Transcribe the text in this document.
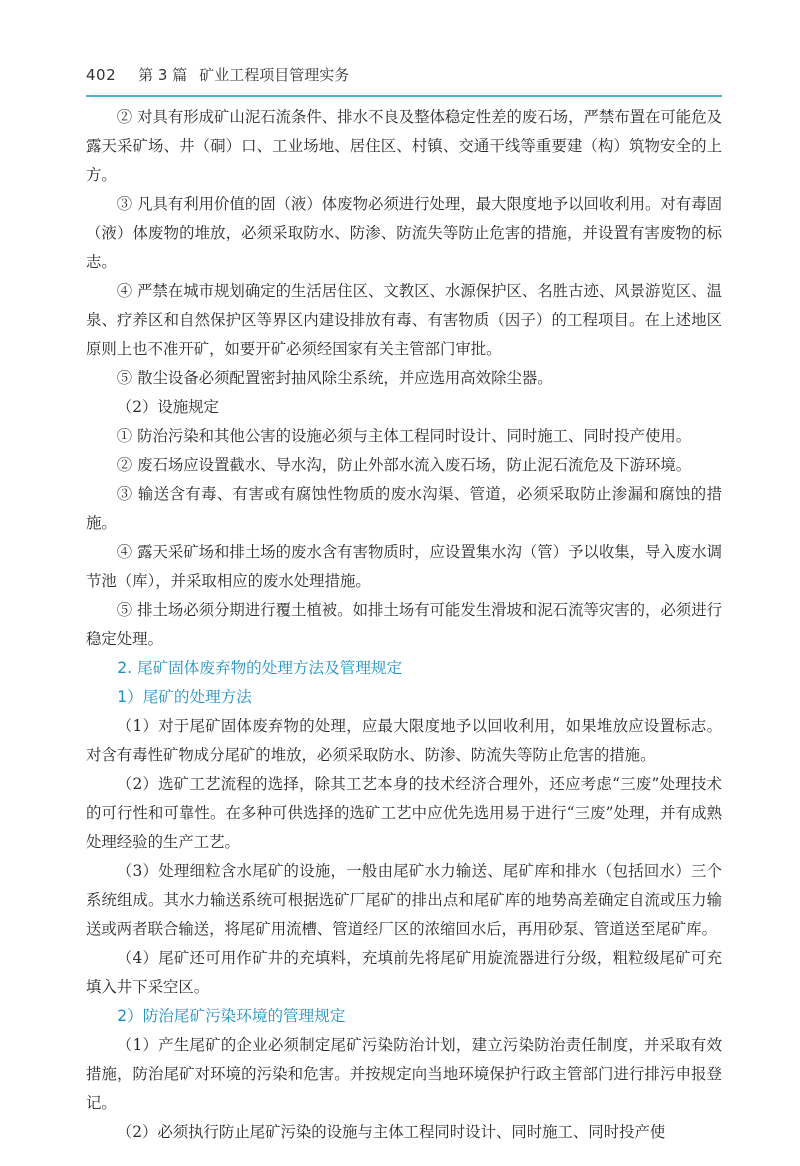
402 第 3 篇 矿业工程项目管理实务

② 对具有形成矿山泥石流条件、排水不良及整体稳定性差的废石场，严禁布置在可能危及露天采矿场、井（硐）口、工业场地、居住区、村镇、交通干线等重要建（构）筑物安全的上方。

③ 凡具有利用价值的固（液）体废物必须进行处理，最大限度地予以回收利用。对有毒固（液）体废物的堆放，必须采取防水、防渗、防流失等防止危害的措施，并设置有害废物的标志。

④ 严禁在城市规划确定的生活居住区、文教区、水源保护区、名胜古迹、风景游览区、温泉、疗养区和自然保护区等界区内建设排放有毒、有害物质（因子）的工程项目。在上述地区原则上也不准开矿，如要开矿必须经国家有关主管部门审批。

⑤ 散尘设备必须配置密封抽风除尘系统，并应选用高效除尘器。

（2）设施规定

① 防治污染和其他公害的设施必须与主体工程同时设计、同时施工、同时投产使用。

② 废石场应设置截水、导水沟，防止外部水流入废石场，防止泥石流危及下游环境。

③ 输送含有毒、有害或有腐蚀性物质的废水沟渠、管道，必须采取防止渗漏和腐蚀的措施。

④ 露天采矿场和排土场的废水含有害物质时，应设置集水沟（管）予以收集，导入废水调节池（库），并采取相应的废水处理措施。

⑤ 排土场必须分期进行覆土植被。如排土场有可能发生滑坡和泥石流等灾害的，必须进行稳定处理。

2. 尾矿固体废弃物的处理方法及管理规定
1）尾矿的处理方法

（1）对于尾矿固体废弃物的处理，应最大限度地予以回收利用，如果堆放应设置标志。对含有毒性矿物成分尾矿的堆放，必须采取防水、防渗、防流失等防止危害的措施。

（2）选矿工艺流程的选择，除其工艺本身的技术经济合理外，还应考虑“三废”处理技术的可行性和可靠性。在多种可供选择的选矿工艺中应优先选用易于进行“三废”处理，并有成熟处理经验的生产工艺。

（3）处理细粒含水尾矿的设施，一般由尾矿水力输送、尾矿库和排水（包括回水）三个系统组成。其水力输送系统可根据选矿厂尾矿的排出点和尾矿库的地势高差确定自流或压力输送或两者联合输送，将尾矿用流槽、管道经厂区的浓缩回水后，再用砂泵、管道送至尾矿库。

（4）尾矿还可用作矿井的充填料，充填前先将尾矿用旋流器进行分级，粗粒级尾矿可充填入井下采空区。

2）防治尾矿污染环境的管理规定

（1）产生尾矿的企业必须制定尾矿污染防治计划，建立污染防治责任制度，并采取有效措施，防治尾矿对环境的污染和危害。并按规定向当地环境保护行政主管部门进行排污申报登记。

（2）必须执行防止尾矿污染的设施与主体工程同时设计、同时施工、同时投产使
